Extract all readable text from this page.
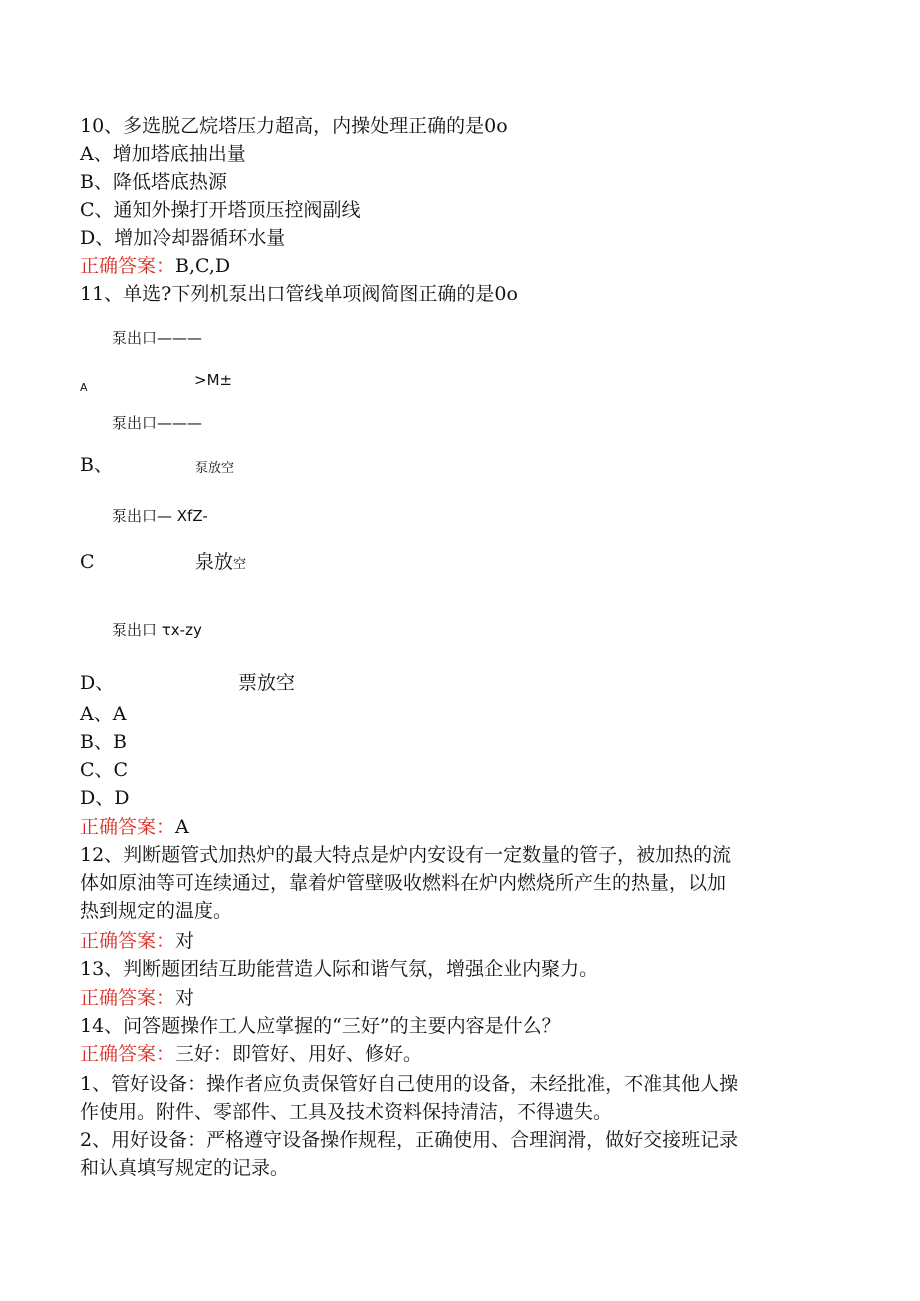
10、多选脱乙烷塔压力超高，内操处理正确的是0o
A、增加塔底抽出量
B、降低塔底热源
C、通知外操打开塔顶压控阀副线
D、增加冷却器循环水量
正确答案：B,C,D
11、单选?下列机泵出口管线单项阀简图正确的是0o
泵出口———
A	>M±
泵出口———
B、	泵放空
泵出口— XfZ-
C	泉放空
泵出口 τx-zy
D、	票放空
A、A
B、B
C、C
D、D
正确答案：A
12、判断题管式加热炉的最大特点是炉内安设有一定数量的管子，被加热的流
体如原油等可连续通过，靠着炉管壁吸收燃料在炉内燃烧所产生的热量，以加
热到规定的温度。
正确答案：对
13、判断题团结互助能营造人际和谐气氛，增强企业内聚力。
正确答案：对
14、问答题操作工人应掌握的“三好”的主要内容是什么？
正确答案：三好：即管好、用好、修好。
1、管好设备：操作者应负责保管好自己使用的设备，未经批准，不准其他人操
作使用。附件、零部件、工具及技术资料保持清洁，不得遗失。
2、用好设备：严格遵守设备操作规程，正确使用、合理润滑，做好交接班记录
和认真填写规定的记录。
